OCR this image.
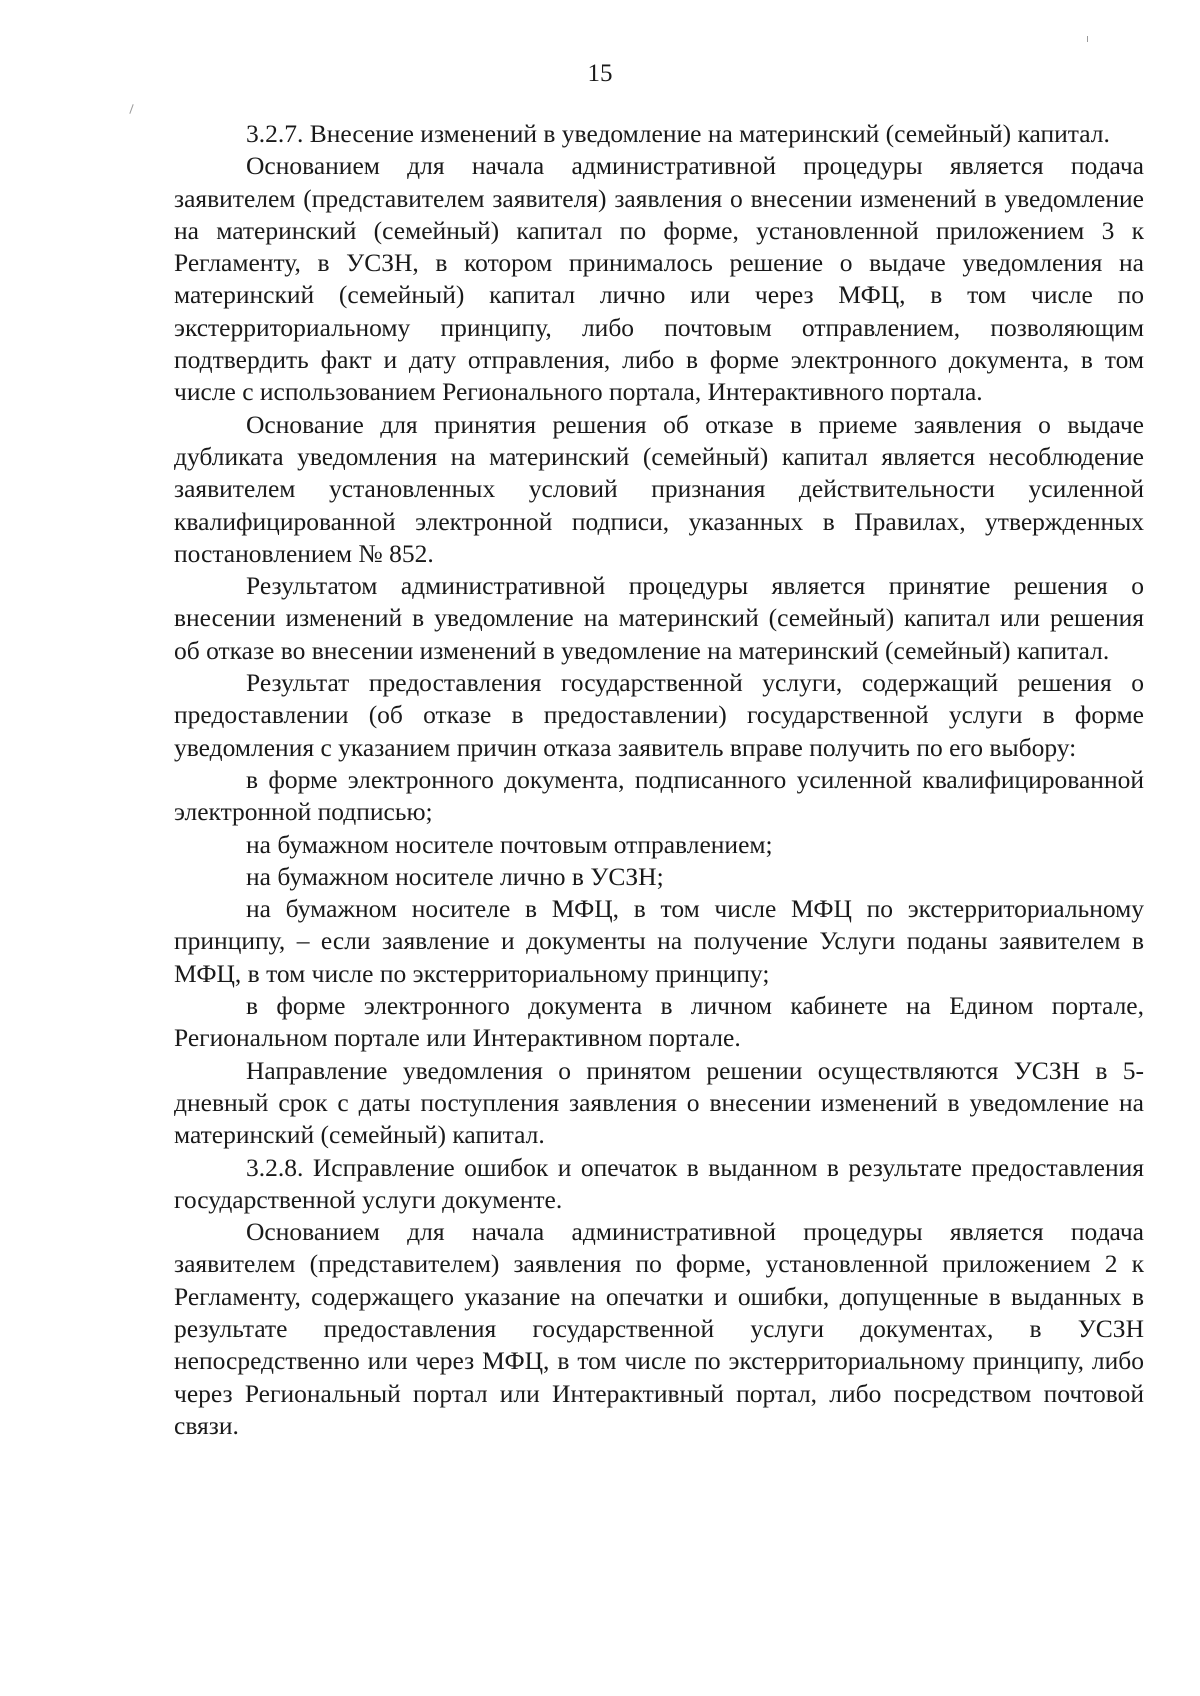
15

3.2.7. Внесение изменений в уведомление на материнский (семейный) капитал.

Основанием для начала административной процедуры является подача заявителем (представителем заявителя) заявления о внесении изменений в уведомление на материнский (семейный) капитал по форме, установленной приложением 3 к Регламенту, в УСЗН, в котором принималось решение о выдаче уведомления на материнский (семейный) капитал лично или через МФЦ, в том числе по экстерриториальному принципу, либо почтовым отправлением, позволяющим подтвердить факт и дату отправления, либо в форме электронного документа, в том числе с использованием Регионального портала, Интерактивного портала.

Основание для принятия решения об отказе в приеме заявления о выдаче дубликата уведомления на материнский (семейный) капитал является несоблюдение заявителем установленных условий признания действительности усиленной квалифицированной электронной подписи, указанных в Правилах, утвержденных постановлением № 852.

Результатом административной процедуры является принятие решения о внесении изменений в уведомление на материнский (семейный) капитал или решения об отказе во внесении изменений в уведомление на материнский (семейный) капитал.

Результат предоставления государственной услуги, содержащий решения о предоставлении (об отказе в предоставлении) государственной услуги в форме уведомления с указанием причин отказа заявитель вправе получить по его выбору:

в форме электронного документа, подписанного усиленной квалифицированной электронной подписью;

на бумажном носителе почтовым отправлением;

на бумажном носителе лично в УСЗН;

на бумажном носителе в МФЦ, в том числе МФЦ по экстерриториальному принципу, – если заявление и документы на получение Услуги поданы заявителем в МФЦ, в том числе по экстерриториальному принципу;

в форме электронного документа в личном кабинете на Едином портале, Региональном портале или Интерактивном портале.

Направление уведомления о принятом решении осуществляются УСЗН в 5-дневный срок с даты поступления заявления о внесении изменений в уведомление на материнский (семейный) капитал.

3.2.8. Исправление ошибок и опечаток в выданном в результате предоставления государственной услуги документе.

Основанием для начала административной процедуры является подача заявителем (представителем) заявления по форме, установленной приложением 2 к Регламенту, содержащего указание на опечатки и ошибки, допущенные в выданных в результате предоставления государственной услуги документах, в УСЗН непосредственно или через МФЦ, в том числе по экстерриториальному принципу, либо через Региональный портал или Интерактивный портал, либо посредством почтовой связи.
